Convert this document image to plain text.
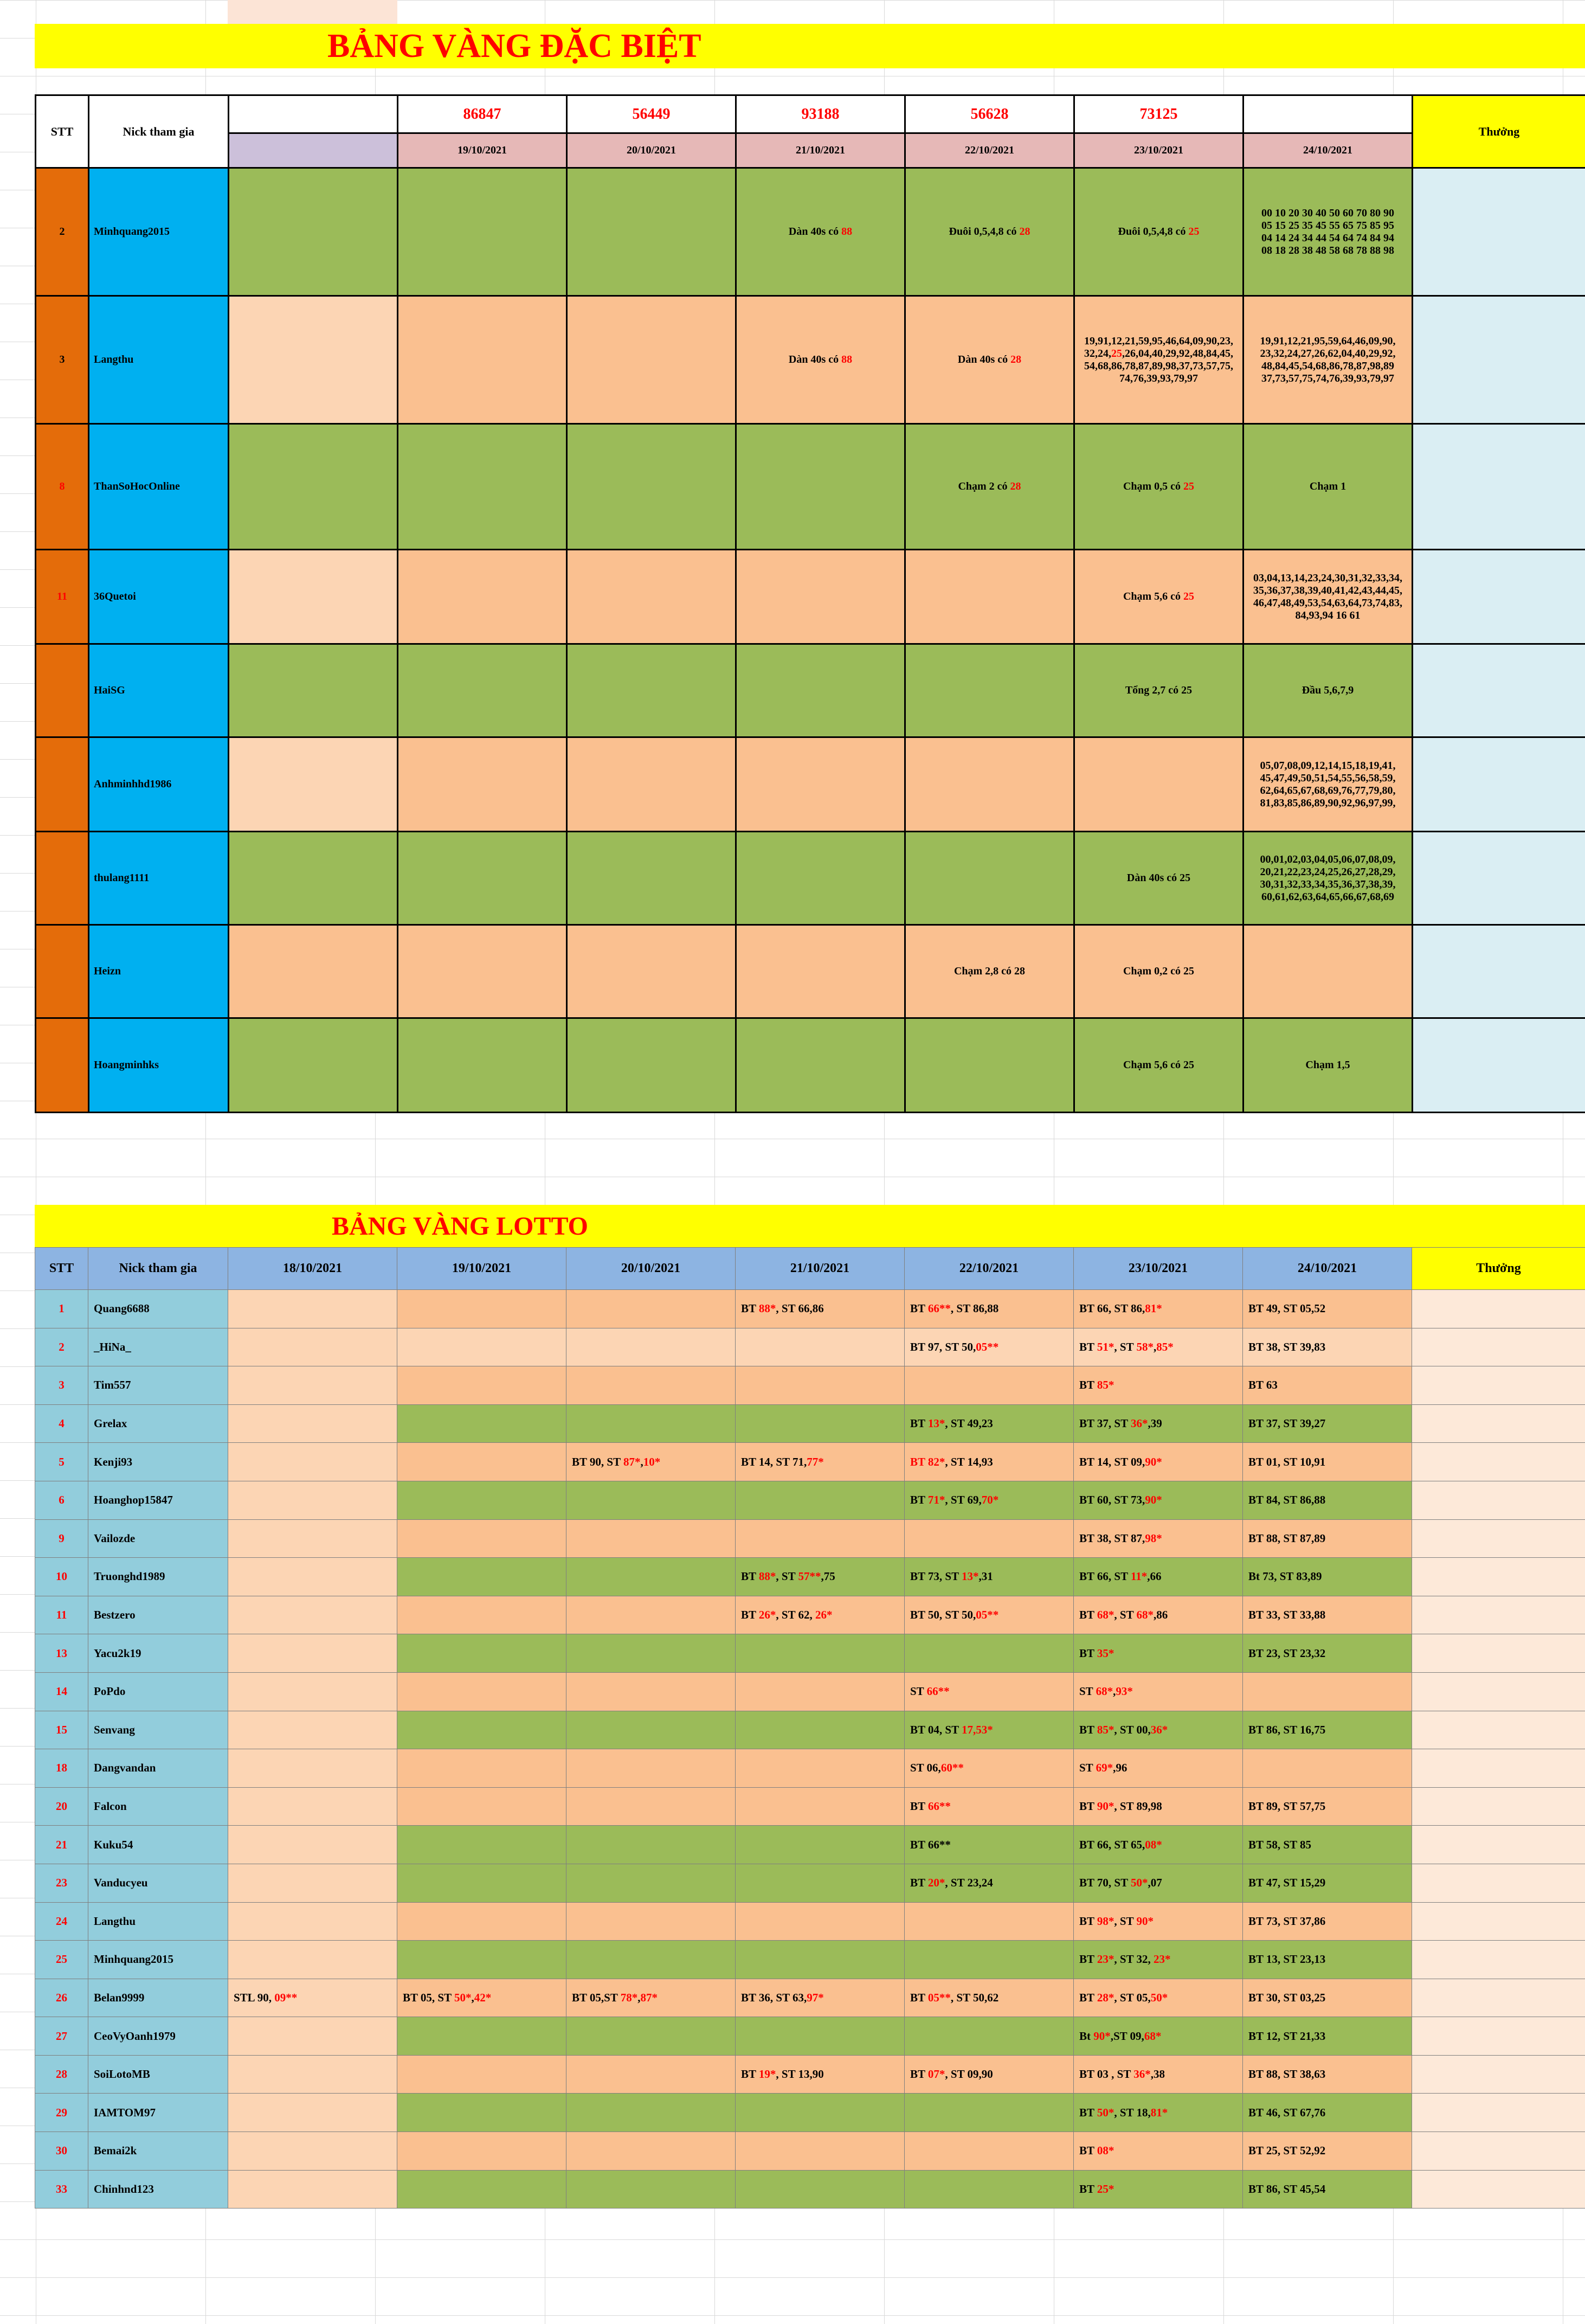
BẢNG VÀNG ĐẶC BIỆT
STT	Nick tham gia		86847	56449	93188	56628	73125		Thưởng
			19/10/2021	20/10/2021	21/10/2021	22/10/2021	23/10/2021	24/10/2021	
2	Minhquang2015				Dàn 40s có 88	Đuôi 0,5,4,8 có 28	Đuôi 0,5,4,8 có 25	00 10 20 30 40 50 60 70 80 90
05 15 25 35 45 55 65 75 85 95
04 14 24 34 44 54 64 74 84 94
08 18 28 38 48 58 68 78 88 98	
3	Langthu				Dàn 40s có 88	Dàn 40s có 28	19,91,12,21,59,95,46,64,09,90,23,
32,24,25,26,04,40,29,92,48,84,45,
54,68,86,78,87,89,98,37,73,57,75,
74,76,39,93,79,97	19,91,12,21,95,59,64,46,09,90,
23,32,24,27,26,62,04,40,29,92,
48,84,45,54,68,86,78,87,98,89
37,73,57,75,74,76,39,93,79,97	
8	ThanSoHocOnline					Chạm 2 có 28	Chạm 0,5 có 25	Chạm 1	
11	36Quetoi						Chạm 5,6 có 25	03,04,13,14,23,24,30,31,32,33,34,
35,36,37,38,39,40,41,42,43,44,45,
46,47,48,49,53,54,63,64,73,74,83,
84,93,94 16 61	
	HaiSG						Tổng 2,7 có 25	Đầu 5,6,7,9	
	Anhminhhd1986							05,07,08,09,12,14,15,18,19,41,
45,47,49,50,51,54,55,56,58,59,
62,64,65,67,68,69,76,77,79,80,
81,83,85,86,89,90,92,96,97,99,	
	thulang1111						Dàn 40s có 25	00,01,02,03,04,05,06,07,08,09,
20,21,22,23,24,25,26,27,28,29,
30,31,32,33,34,35,36,37,38,39,
60,61,62,63,64,65,66,67,68,69	
	Heizn					Chạm 2,8 có 28	Chạm 0,2 có 25		
	Hoangminhks						Chạm 5,6 có 25	Chạm 1,5	
BẢNG VÀNG LOTTO
STT	Nick tham gia	18/10/2021	19/10/2021	20/10/2021	21/10/2021	22/10/2021	23/10/2021	24/10/2021	Thưởng
1	Quang6688				BT 88*, ST 66,86	BT 66**, ST 86,88	BT 66, ST 86,81*	BT 49, ST 05,52	
2	_HiNa_					BT 97, ST 50,05**	BT 51*, ST 58*,85*	BT 38, ST 39,83	
3	Tim557						BT 85*	BT 63	
4	Grelax					BT 13*, ST 49,23	BT 37, ST 36*,39	BT 37, ST 39,27	
5	Kenji93			BT 90, ST 87*,10*	BT 14, ST 71,77*	BT 82*, ST 14,93	BT 14, ST 09,90*	BT 01, ST 10,91	
6	Hoanghop15847					BT 71*, ST 69,70*	BT 60, ST 73,90*	BT 84, ST 86,88	
9	Vailozde						BT 38, ST 87,98*	BT 88, ST 87,89	
10	Truonghd1989				BT 88*, ST 57**,75	BT 73, ST 13*,31	BT 66, ST 11*,66	Bt 73, ST 83,89	
11	Bestzero				BT 26*, ST 62, 26*	BT 50, ST 50,05**	BT 68*, ST 68*,86	BT 33, ST 33,88	
13	Yacu2k19						BT 35*	BT 23, ST 23,32	
14	PoPdo					ST 66**	ST 68*,93*		
15	Senvang					BT 04, ST 17,53*	BT 85*, ST 00,36*	BT 86, ST 16,75	
18	Dangvandan					ST 06,60**	ST 69*,96		
20	Falcon					BT 66**	BT 90*, ST 89,98	BT 89, ST 57,75	
21	Kuku54					BT 66**	BT 66, ST 65,08*	BT 58, ST 85	
23	Vanducyeu					BT 20*, ST 23,24	BT 70, ST 50*,07	BT 47, ST 15,29	
24	Langthu						BT 98*, ST 90*	BT 73, ST 37,86	
25	Minhquang2015						BT 23*, ST 32, 23*	BT 13, ST 23,13	
26	Belan9999	STL 90, 09**	BT 05, ST 50*,42*	BT 05,ST 78*,87*	BT 36, ST 63,97*	BT 05**, ST 50,62	BT 28*, ST 05,50*	BT 30, ST 03,25	
27	CeoVyOanh1979						Bt 90*,ST 09,68*	BT 12, ST 21,33	
28	SoiLotoMB				BT 19*, ST 13,90	BT 07*, ST 09,90	BT 03 , ST 36*,38	BT 88, ST 38,63	
29	IAMTOM97						BT 50*, ST 18,81*	BT 46, ST 67,76	
30	Bemai2k						BT 08*	BT 25, ST 52,92	
33	Chinhnd123						BT 25*	BT 86, ST 45,54	
